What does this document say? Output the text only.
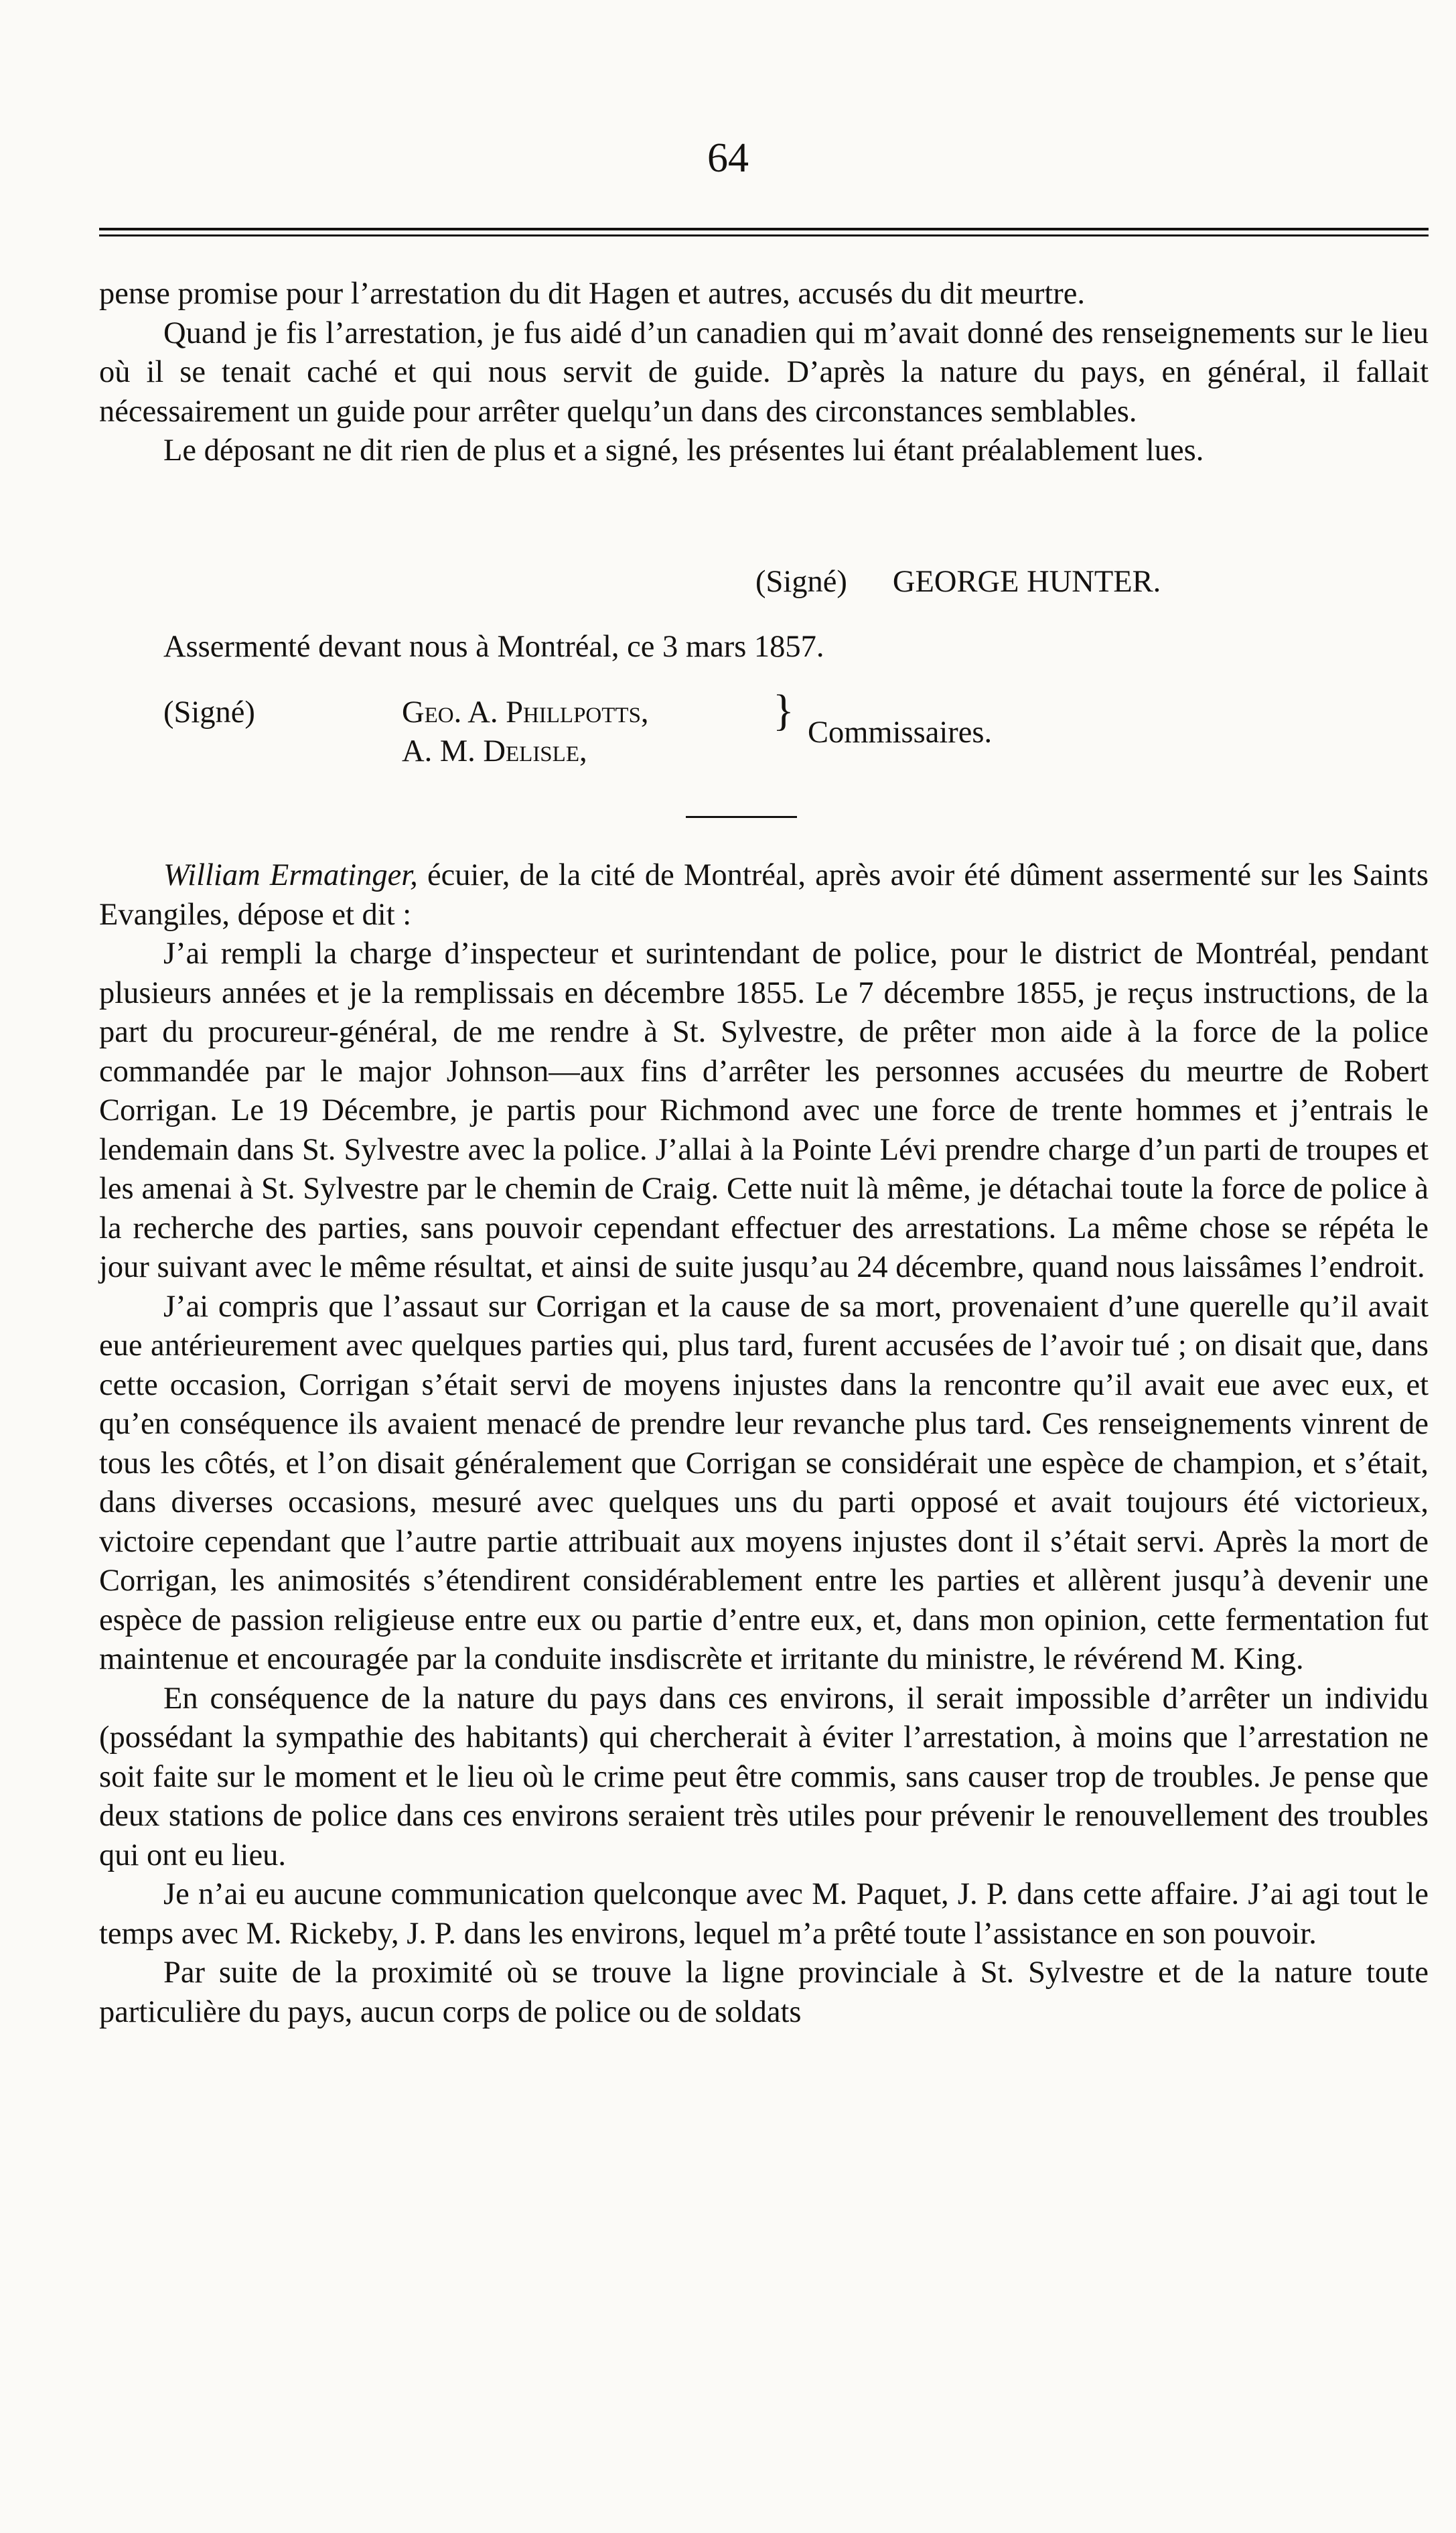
64

pense promise pour l’arrestation du dit Hagen et autres, accusés du dit meurtre.

Quand je fis l’arrestation, je fus aidé d’un canadien qui m’avait donné des renseignements sur le lieu où il se tenait caché et qui nous servit de guide. D’après la nature du pays, en général, il fallait nécessairement un guide pour arrêter quelqu’un dans des circonstances semblables.

Le déposant ne dit rien de plus et a signé, les présentes lui étant préalablement lues.

(Signé) GEORGE HUNTER.
Assermenté devant nous à Montréal, ce 3 mars 1857.
(Signé)	Geo. A. Phillpotts,
A. M. Delisle,
} Commissaires.

William Ermatinger, écuier, de la cité de Montréal, après avoir été dûment assermenté sur les Saints Evangiles, dépose et dit :

J’ai rempli la charge d’inspecteur et surintendant de police, pour le district de Montréal, pendant plusieurs années et je la remplissais en décembre 1855. Le 7 décembre 1855, je reçus instructions, de la part du procureur-général, de me rendre à St. Sylvestre, de prêter mon aide à la force de la police commandée par le major Johnson—aux fins d’arrêter les personnes accusées du meurtre de Robert Corrigan. Le 19 Décembre, je partis pour Richmond avec une force de trente hommes et j’entrais le lendemain dans St. Sylvestre avec la police. J’allai à la Pointe Lévi prendre charge d’un parti de troupes et les amenai à St. Sylvestre par le chemin de Craig. Cette nuit là même, je détachai toute la force de police à la recherche des parties, sans pouvoir cependant effectuer des arrestations. La même chose se répéta le jour suivant avec le même résultat, et ainsi de suite jusqu’au 24 décembre, quand nous laissâmes l’endroit.

J’ai compris que l’assaut sur Corrigan et la cause de sa mort, provenaient d’une querelle qu’il avait eue antérieurement avec quelques parties qui, plus tard, furent accusées de l’avoir tué ; on disait que, dans cette occasion, Corrigan s’était servi de moyens injustes dans la rencontre qu’il avait eue avec eux, et qu’en conséquence ils avaient menacé de prendre leur revanche plus tard. Ces renseignements vinrent de tous les côtés, et l’on disait généralement que Corrigan se considérait une espèce de champion, et s’était, dans diverses occasions, mesuré avec quelques uns du parti opposé et avait toujours été victorieux, victoire cependant que l’autre partie attribuait aux moyens injustes dont il s’était servi. Après la mort de Corrigan, les animosités s’étendirent considérablement entre les parties et allèrent jusqu’à devenir une espèce de passion religieuse entre eux ou partie d’entre eux, et, dans mon opinion, cette fermentation fut maintenue et encouragée par la conduite insdiscrète et irritante du ministre, le révérend M. King.

En conséquence de la nature du pays dans ces environs, il serait impossible d’arrêter un individu (possédant la sympathie des habitants) qui chercherait à éviter l’arrestation, à moins que l’arrestation ne soit faite sur le moment et le lieu où le crime peut être commis, sans causer trop de troubles. Je pense que deux stations de police dans ces environs seraient très utiles pour prévenir le renouvellement des troubles qui ont eu lieu.

Je n’ai eu aucune communication quelconque avec M. Paquet, J. P. dans cette affaire. J’ai agi tout le temps avec M. Rickeby, J. P. dans les environs, lequel m’a prêté toute l’assistance en son pouvoir.

Par suite de la proximité où se trouve la ligne provinciale à St. Sylvestre et de la nature toute particulière du pays, aucun corps de police ou de soldats
